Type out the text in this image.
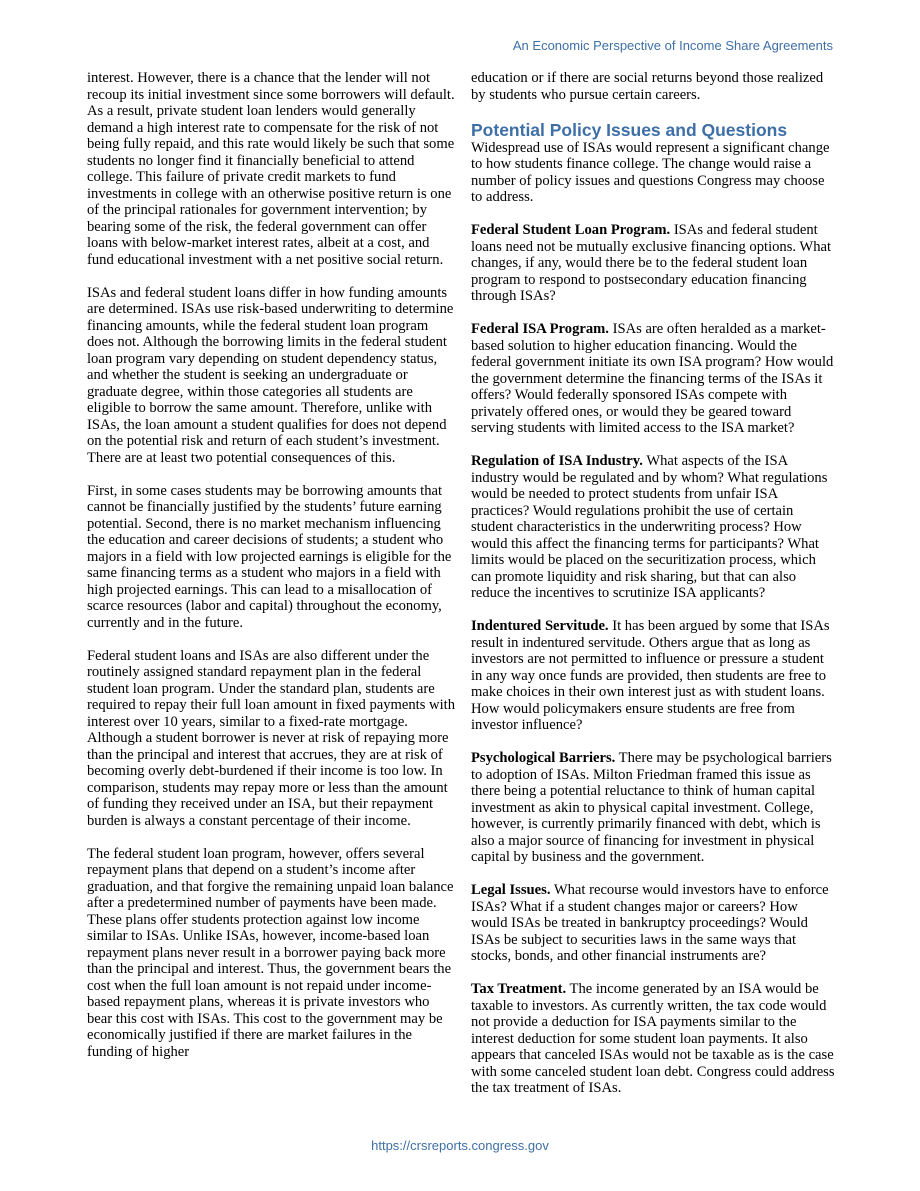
An Economic Perspective of Income Share Agreements

interest. However, there is a chance that the lender will not recoup its initial investment since some borrowers will default. As a result, private student loan lenders would generally demand a high interest rate to compensate for the risk of not being fully repaid, and this rate would likely be such that some students no longer find it financially beneficial to attend college. This failure of private credit markets to fund investments in college with an otherwise positive return is one of the principal rationales for government intervention; by bearing some of the risk, the federal government can offer loans with below-market interest rates, albeit at a cost, and fund educational investment with a net positive social return.

ISAs and federal student loans differ in how funding amounts are determined. ISAs use risk-based underwriting to determine financing amounts, while the federal student loan program does not. Although the borrowing limits in the federal student loan program vary depending on student dependency status, and whether the student is seeking an undergraduate or graduate degree, within those categories all students are eligible to borrow the same amount. Therefore, unlike with ISAs, the loan amount a student qualifies for does not depend on the potential risk and return of each student’s investment. There are at least two potential consequences of this.

First, in some cases students may be borrowing amounts that cannot be financially justified by the students’ future earning potential. Second, there is no market mechanism influencing the education and career decisions of students; a student who majors in a field with low projected earnings is eligible for the same financing terms as a student who majors in a field with high projected earnings. This can lead to a misallocation of scarce resources (labor and capital) throughout the economy, currently and in the future.

Federal student loans and ISAs are also different under the routinely assigned standard repayment plan in the federal student loan program. Under the standard plan, students are required to repay their full loan amount in fixed payments with interest over 10 years, similar to a fixed-rate mortgage. Although a student borrower is never at risk of repaying more than the principal and interest that accrues, they are at risk of becoming overly debt-burdened if their income is too low. In comparison, students may repay more or less than the amount of funding they received under an ISA, but their repayment burden is always a constant percentage of their income.

The federal student loan program, however, offers several repayment plans that depend on a student’s income after graduation, and that forgive the remaining unpaid loan balance after a predetermined number of payments have been made. These plans offer students protection against low income similar to ISAs. Unlike ISAs, however, income-based loan repayment plans never result in a borrower paying back more than the principal and interest. Thus, the government bears the cost when the full loan amount is not repaid under income-based repayment plans, whereas it is private investors who bear this cost with ISAs. This cost to the government may be economically justified if there are market failures in the funding of higher

education or if there are social returns beyond those realized by students who pursue certain careers.

Potential Policy Issues and Questions

Widespread use of ISAs would represent a significant change to how students finance college. The change would raise a number of policy issues and questions Congress may choose to address.

Federal Student Loan Program. ISAs and federal student loans need not be mutually exclusive financing options. What changes, if any, would there be to the federal student loan program to respond to postsecondary education financing through ISAs?

Federal ISA Program. ISAs are often heralded as a market-based solution to higher education financing. Would the federal government initiate its own ISA program? How would the government determine the financing terms of the ISAs it offers? Would federally sponsored ISAs compete with privately offered ones, or would they be geared toward serving students with limited access to the ISA market?

Regulation of ISA Industry. What aspects of the ISA industry would be regulated and by whom? What regulations would be needed to protect students from unfair ISA practices? Would regulations prohibit the use of certain student characteristics in the underwriting process? How would this affect the financing terms for participants? What limits would be placed on the securitization process, which can promote liquidity and risk sharing, but that can also reduce the incentives to scrutinize ISA applicants?

Indentured Servitude. It has been argued by some that ISAs result in indentured servitude. Others argue that as long as investors are not permitted to influence or pressure a student in any way once funds are provided, then students are free to make choices in their own interest just as with student loans. How would policymakers ensure students are free from investor influence?

Psychological Barriers. There may be psychological barriers to adoption of ISAs. Milton Friedman framed this issue as there being a potential reluctance to think of human capital investment as akin to physical capital investment. College, however, is currently primarily financed with debt, which is also a major source of financing for investment in physical capital by business and the government.

Legal Issues. What recourse would investors have to enforce ISAs? What if a student changes major or careers? How would ISAs be treated in bankruptcy proceedings? Would ISAs be subject to securities laws in the same ways that stocks, bonds, and other financial instruments are?

Tax Treatment. The income generated by an ISA would be taxable to investors. As currently written, the tax code would not provide a deduction for ISA payments similar to the interest deduction for some student loan payments. It also appears that canceled ISAs would not be taxable as is the case with some canceled student loan debt. Congress could address the tax treatment of ISAs.

https://crsreports.congress.gov
